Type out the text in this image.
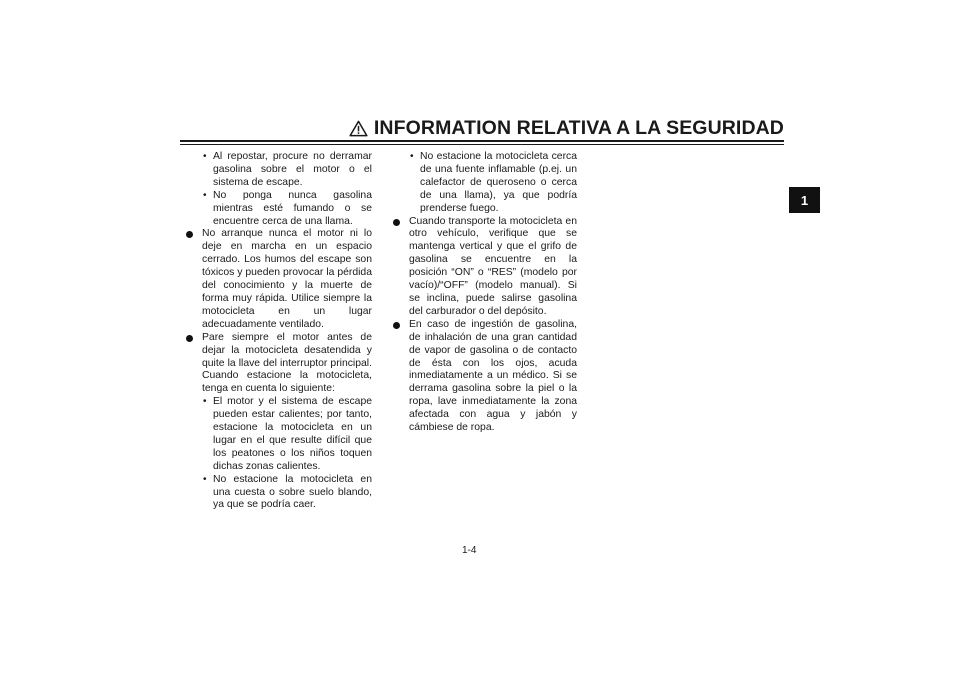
INFORMATION RELATIVA A LA SEGURIDAD
1
• Al repostar, procure no derramar gasolina sobre el motor o el sistema de escape.
• No ponga nunca gasolina mientras esté fumando o se encuentre cerca de una llama.
No arranque nunca el motor ni lo deje en marcha en un espacio cerrado. Los humos del escape son tóxicos y pueden provocar la pérdida del conocimiento y la muerte de forma muy rápida. Utilice siempre la motocicleta en un lugar adecuadamente ventilado.
Pare siempre el motor antes de dejar la motocicleta desatendida y quite la llave del interruptor principal. Cuando estacione la motocicleta, tenga en cuenta lo siguiente:
• El motor y el sistema de escape pueden estar calientes; por tanto, estacione la motocicleta en un lugar en el que resulte difícil que los peatones o los niños toquen dichas zonas calientes.
• No estacione la motocicleta en una cuesta o sobre suelo blando, ya que se podría caer.
• No estacione la motocicleta cerca de una fuente inflamable (p.ej. un calefactor de queroseno o cerca de una llama), ya que podría prenderse fuego.
Cuando transporte la motocicleta en otro vehículo, verifique que se mantenga vertical y que el grifo de gasolina se encuentre en la posición “ON” o “RES” (modelo por vacío)/“OFF” (modelo manual). Si se inclina, puede salirse gasolina del carburador o del depósito.
En caso de ingestión de gasolina, de inhalación de una gran cantidad de vapor de gasolina o de contacto de ésta con los ojos, acuda inmediatamente a un médico. Si se derrama gasolina sobre la piel o la ropa, lave inmediatamente la zona afectada con agua y jabón y cámbiese de ropa.
1-4
